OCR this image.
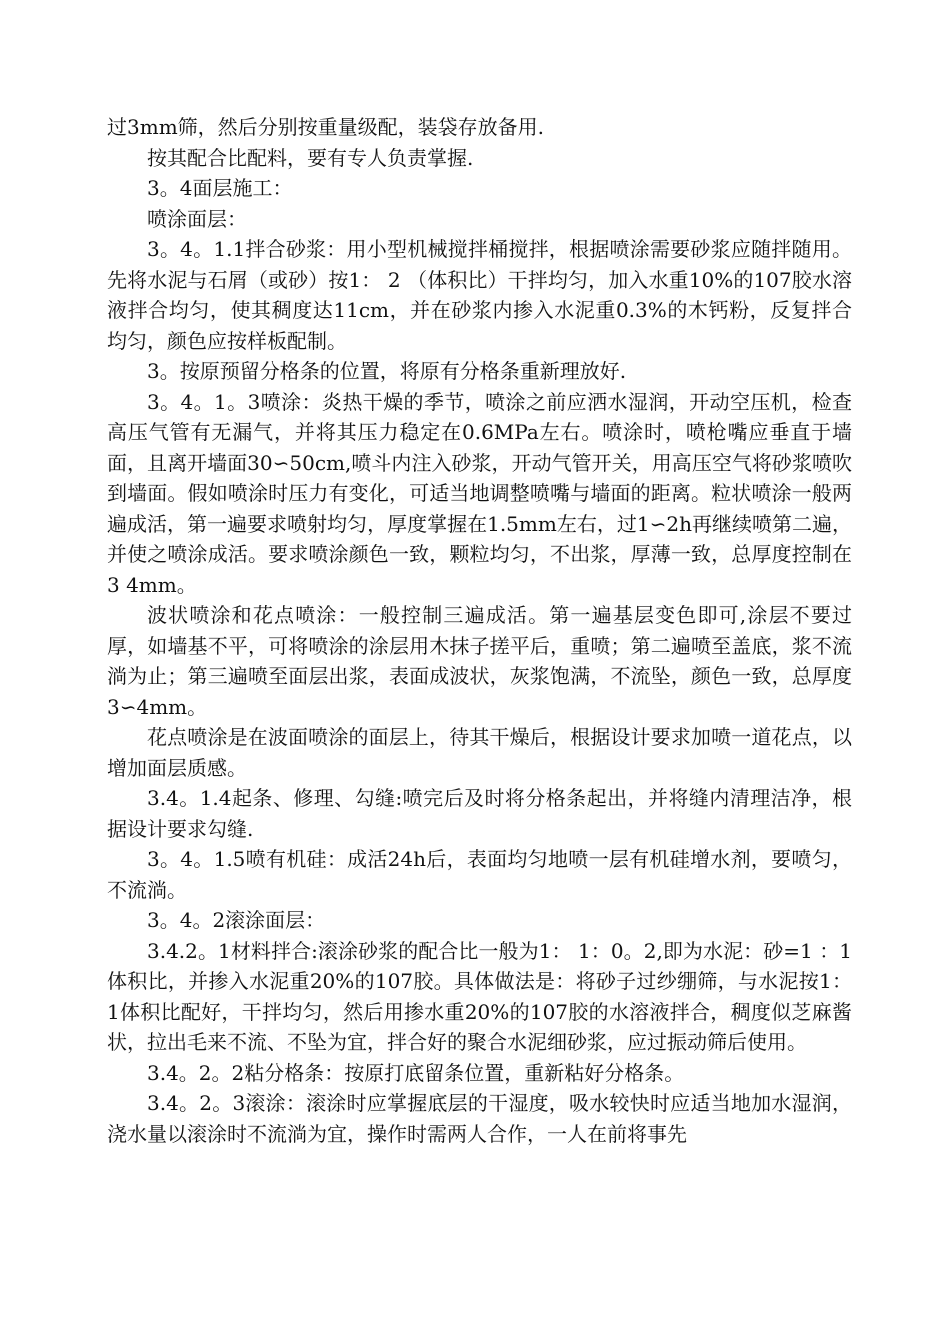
过3mm筛，然后分别按重量级配，装袋存放备用.

按其配合比配料，要有专人负责掌握.

3。4面层施工：

喷涂面层：

3。4。1.1拌合砂浆：用小型机械搅拌桶搅拌，根据喷涂需要砂浆应随拌随用。先将水泥与石屑（或砂）按1： 2 （体积比）干拌均匀，加入水重10%的107胶水溶液拌合均匀，使其稠度达11cm，并在砂浆内掺入水泥重0.3%的木钙粉，反复拌合均匀，颜色应按样板配制。

3。按原预留分格条的位置，将原有分格条重新理放好.

3。4。1。3喷涂：炎热干燥的季节，喷涂之前应洒水湿润，开动空压机，检查高压气管有无漏气，并将其压力稳定在0.6MPa左右。喷涂时，喷枪嘴应垂直于墙面，且离开墙面30∽50cm,喷斗内注入砂浆，开动气管开关，用高压空气将砂浆喷吹到墙面。假如喷涂时压力有变化，可适当地调整喷嘴与墙面的距离。粒状喷涂一般两遍成活，第一遍要求喷射均匀，厚度掌握在1.5mm左右，过1∽2h再继续喷第二遍，并使之喷涂成活。要求喷涂颜色一致，颗粒均匀，不出浆，厚薄一致，总厚度控制在3 4mm。

波状喷涂和花点喷涂：一般控制三遍成活。第一遍基层变色即可,涂层不要过厚，如墙基不平，可将喷涂的涂层用木抹子搓平后，重喷；第二遍喷至盖底，浆不流淌为止；第三遍喷至面层出浆，表面成波状，灰浆饱满，不流坠，颜色一致，总厚度3∽4mm。

花点喷涂是在波面喷涂的面层上，待其干燥后，根据设计要求加喷一道花点，以增加面层质感。

3.4。1.4起条、修理、勾缝:喷完后及时将分格条起出，并将缝内清理洁净，根据设计要求勾缝.

3。4。1.5喷有机硅：成活24h后，表面均匀地喷一层有机硅增水剂，要喷匀，不流淌。

3。4。2滚涂面层：

3.4.2。1材料拌合:滚涂砂浆的配合比一般为1： 1：0。2,即为水泥：砂=1 ：1体积比，并掺入水泥重20%的107胶。具体做法是：将砂子过纱绷筛，与水泥按1：1体积比配好，干拌均匀，然后用掺水重20%的107胶的水溶液拌合，稠度似芝麻酱状，拉出毛来不流、不坠为宜，拌合好的聚合水泥细砂浆，应过振动筛后使用。

3.4。2。2粘分格条：按原打底留条位置，重新粘好分格条。

3.4。2。3滚涂：滚涂时应掌握底层的干湿度，吸水较快时应适当地加水湿润，浇水量以滚涂时不流淌为宜，操作时需两人合作，一人在前将事先
